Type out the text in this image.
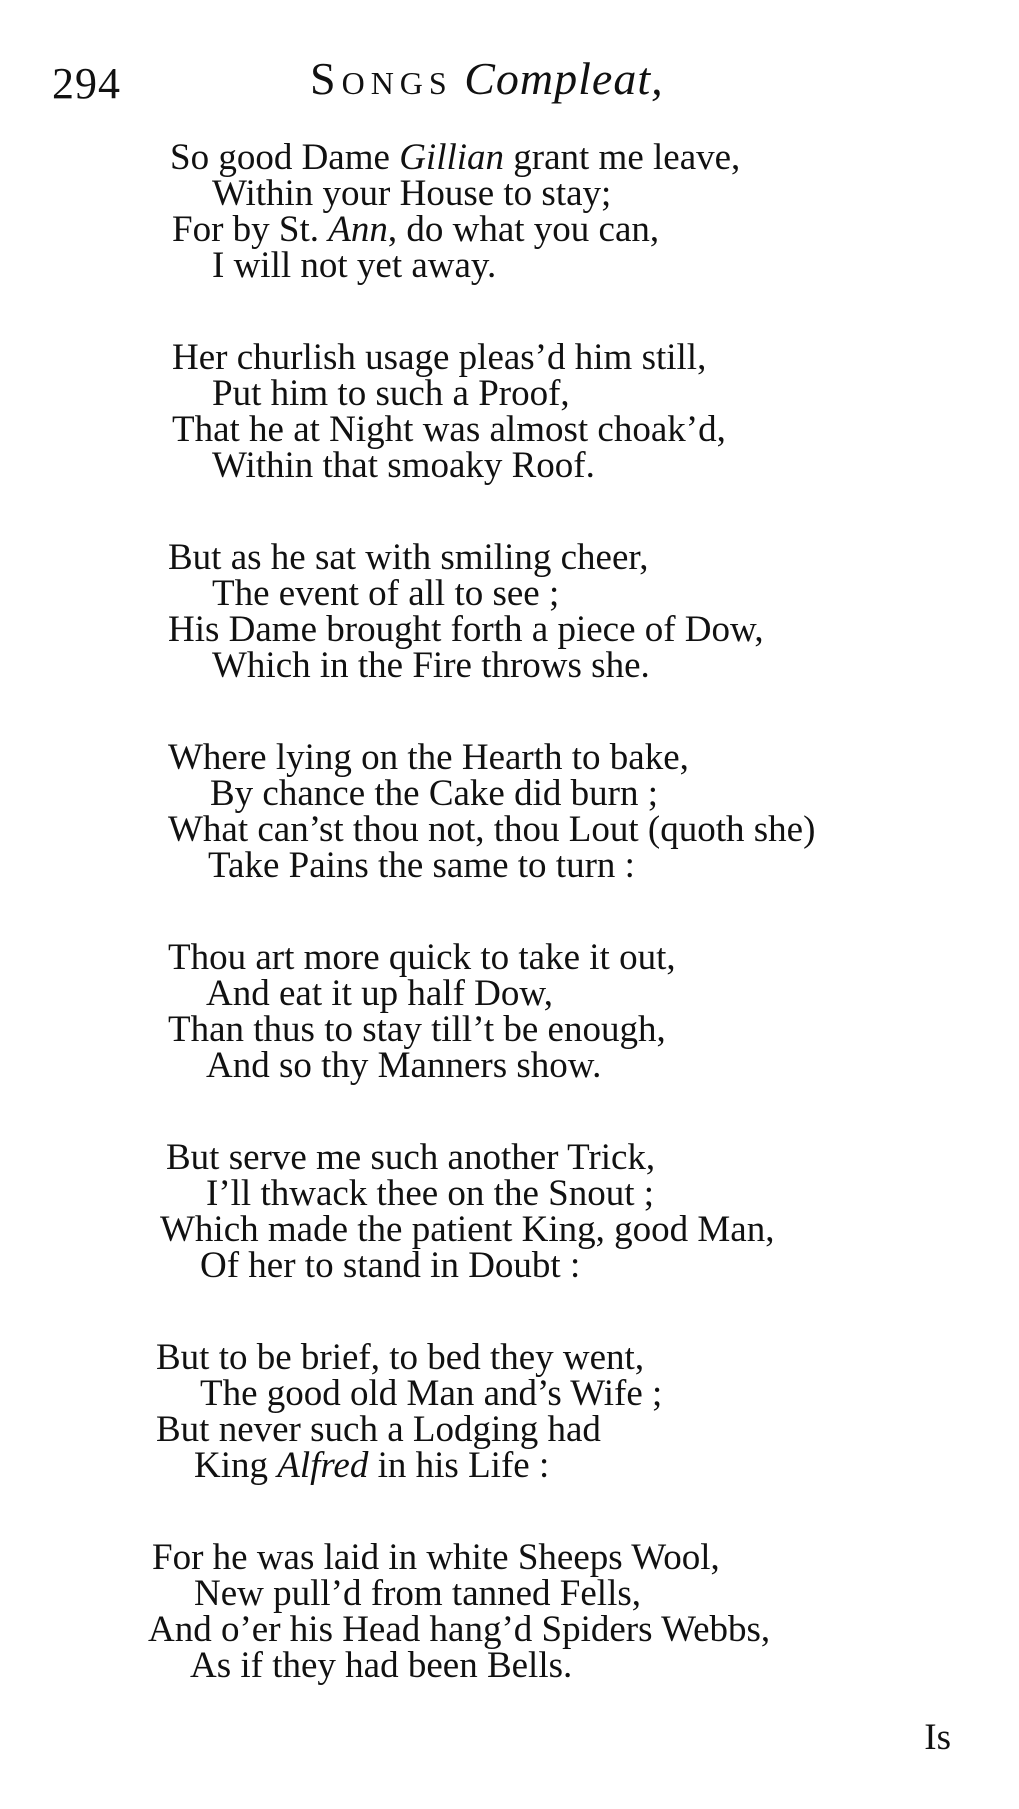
294	Songs Compleat,
So good Dame Gillian grant me leave,
Within your House to stay;
For by St. Ann, do what you can,
I will not yet away.
Her churlish usage pleas’d him still,
Put him to such a Proof,
That he at Night was almost choak’d,
Within that smoaky Roof.
But as he sat with smiling cheer,
The event of all to see ;
His Dame brought forth a piece of Dow,
Which in the Fire throws she.
Where lying on the Hearth to bake,
By chance the Cake did burn ;
What can’st thou not, thou Lout (quoth she)
Take Pains the same to turn :
Thou art more quick to take it out,
And eat it up half Dow,
Than thus to stay till’t be enough,
And so thy Manners show.
But serve me such another Trick,
I’ll thwack thee on the Snout ;
Which made the patient King, good Man,
Of her to stand in Doubt :
But to be brief, to bed they went,
The good old Man and’s Wife ;
But never such a Lodging had
King Alfred in his Life :
For he was laid in white Sheeps Wool,
New pull’d from tanned Fells,
And o’er his Head hang’d Spiders Webbs,
As if they had been Bells.
Is
